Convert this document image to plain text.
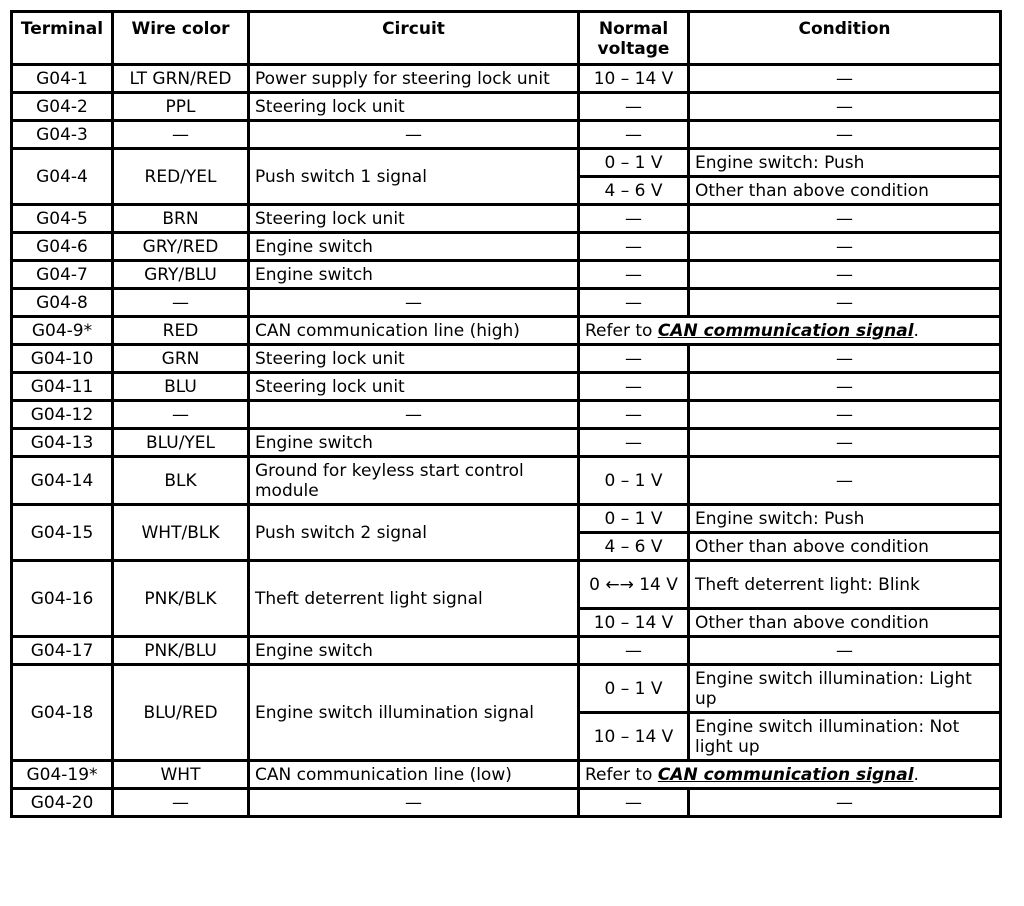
Terminal	Wire color	Circuit	Normal voltage	Condition
G04-1	LT GRN/RED	Power supply for steering lock unit	10 – 14 V	—
G04-2	PPL	Steering lock unit	—	—
G04-3	—	—	—	—
G04-4	RED/YEL	Push switch 1 signal	0 – 1 V	Engine switch: Push
			4 – 6 V	Other than above condition
G04-5	BRN	Steering lock unit	—	—
G04-6	GRY/RED	Engine switch	—	—
G04-7	GRY/BLU	Engine switch	—	—
G04-8	—	—	—	—
G04-9*	RED	CAN communication line (high)	Refer to CAN communication signal.	
G04-10	GRN	Steering lock unit	—	—
G04-11	BLU	Steering lock unit	—	—
G04-12	—	—	—	—
G04-13	BLU/YEL	Engine switch	—	—
G04-14	BLK	Ground for keyless start control module	0 – 1 V	—
G04-15	WHT/BLK	Push switch 2 signal	0 – 1 V	Engine switch: Push
			4 – 6 V	Other than above condition
G04-16	PNK/BLK	Theft deterrent light signal	0 ←→ 14 V	Theft deterrent light: Blink
			10 – 14 V	Other than above condition
G04-17	PNK/BLU	Engine switch	—	—
G04-18	BLU/RED	Engine switch illumination signal	0 – 1 V	Engine switch illumination: Light up
			10 – 14 V	Engine switch illumination: Not light up
G04-19*	WHT	CAN communication line (low)	Refer to CAN communication signal.	
G04-20	—	—	—	—
